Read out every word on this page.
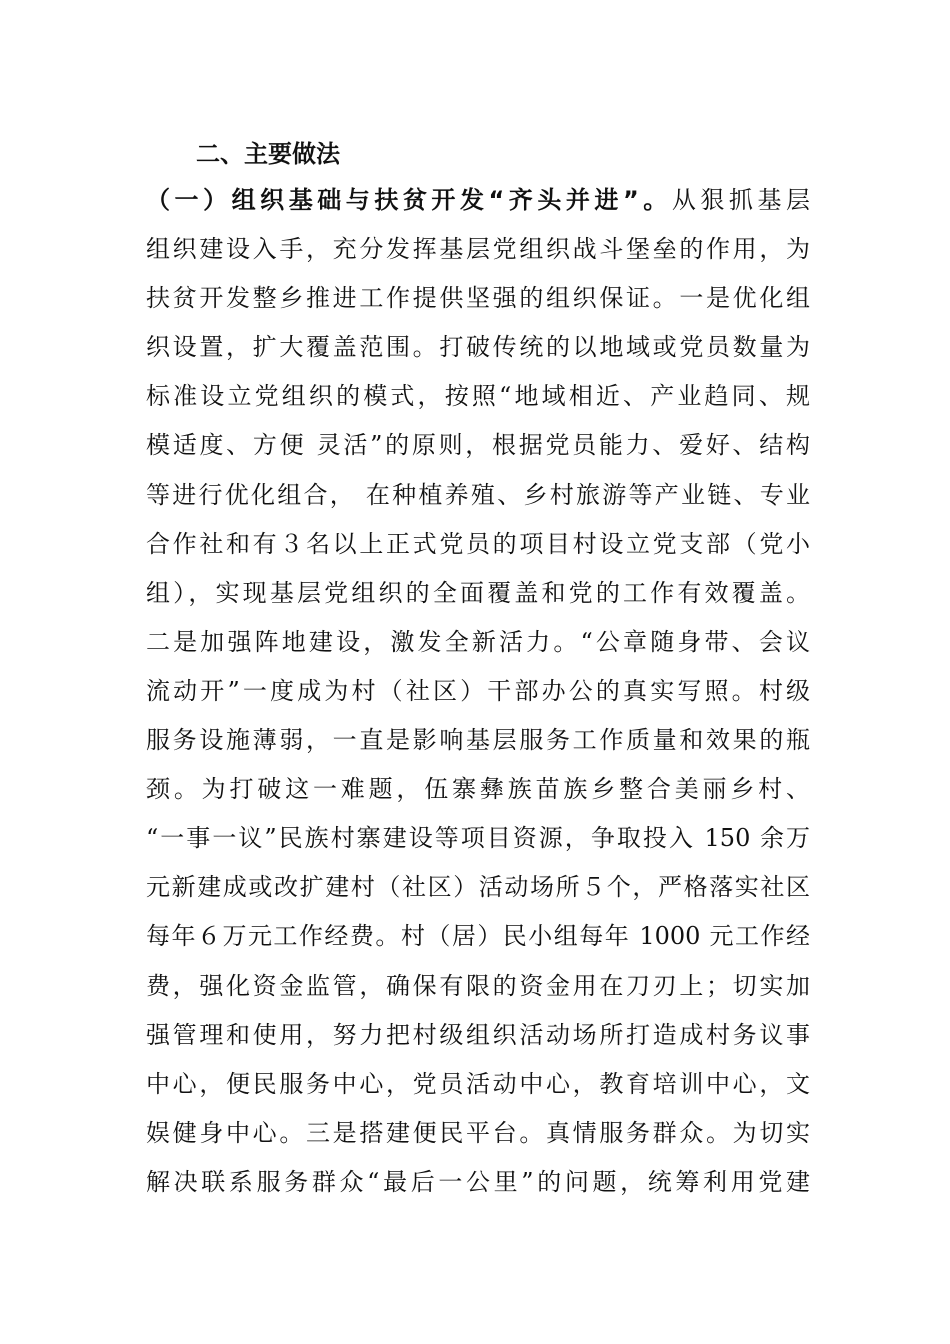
二、主要做法
（一）组织基础与扶贫开发“齐头并进”。从狠抓基层
组织建设入手，充分发挥基层党组织战斗堡垒的作用，为
扶贫开发整乡推进工作提供坚强的组织保证。一是优化组
织设置，扩大覆盖范围。打破传统的以地域或党员数量为
标准设立党组织的模式，按照“地域相近、产业趋同、规
模适度、方便 灵活”的原则，根据党员能力、爱好、结构
等进行优化组合， 在种植养殖、乡村旅游等产业链、专业
合作社和有３名以上正式党员的项目村设立党支部（党小
组），实现基层党组织的全面覆盖和党的工作有效覆盖。
二是加强阵地建设，激发全新活力。“公章随身带、会议
流动开”一度成为村（社区）干部办公的真实写照。村级
服务设施薄弱，一直是影响基层服务工作质量和效果的瓶
颈。为打破这一难题，伍寨彝族苗族乡整合美丽乡村、
“一事一议”民族村寨建设等项目资源，争取投入 150 余万
元新建成或改扩建村（社区）活动场所５个，严格落实社区
每年６万元工作经费。村（居）民小组每年 1000 元工作经
费，强化资金监管，确保有限的资金用在刀刃上；切实加
强管理和使用，努力把村级组织活动场所打造成村务议事
中心，便民服务中心，党员活动中心，教育培训中心，文
娱健身中心。三是搭建便民平台。真情服务群众。为切实
解决联系服务群众“最后一公里”的问题，统筹利用党建
